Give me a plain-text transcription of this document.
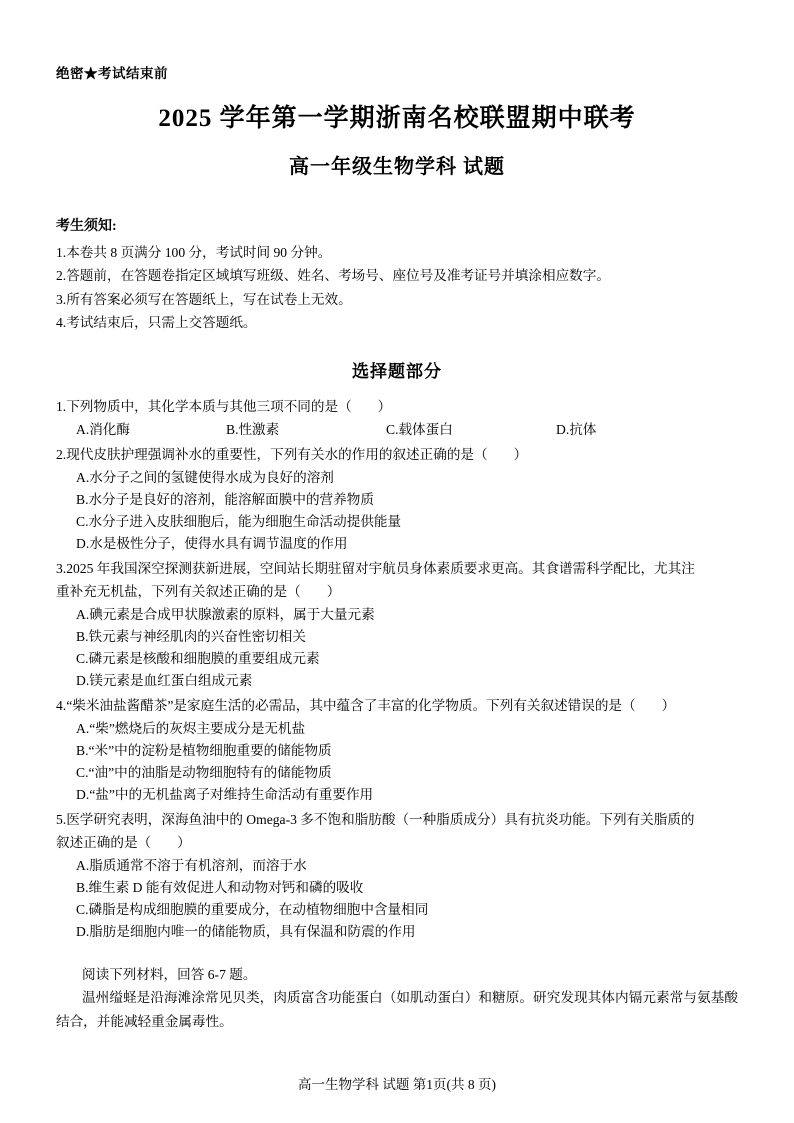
绝密★考试结束前
2025 学年第一学期浙南名校联盟期中联考
高一年级生物学科 试题
考生须知:

1.本卷共 8 页满分 100 分，考试时间 90 分钟。

2.答题前，在答题卷指定区域填写班级、姓名、考场号、座位号及准考证号并填涂相应数字。

3.所有答案必须写在答题纸上，写在试卷上无效。

4.考试结束后，只需上交答题纸。

选择题部分

1.下列物质中，其化学本质与其他三项不同的是（ ）

A.消化酶	B.性激素	C.载体蛋白	D.抗体

2.现代皮肤护理强调补水的重要性，下列有关水的作用的叙述正确的是（ ）

A.水分子之间的氢键使得水成为良好的溶剂

B.水分子是良好的溶剂，能溶解面膜中的营养物质

C.水分子进入皮肤细胞后，能为细胞生命活动提供能量

D.水是极性分子，使得水具有调节温度的作用

3.2025 年我国深空探测获新进展，空间站长期驻留对宇航员身体素质要求更高。其食谱需科学配比，尤其注

重补充无机盐，下列有关叙述正确的是（ ）

A.碘元素是合成甲状腺激素的原料，属于大量元素

B.铁元素与神经肌肉的兴奋性密切相关

C.磷元素是核酸和细胞膜的重要组成元素

D.镁元素是血红蛋白组成元素

4.“柴米油盐酱醋茶”是家庭生活的必需品，其中蕴含了丰富的化学物质。下列有关叙述错误的是（ ）

A.“柴”燃烧后的灰烬主要成分是无机盐

B.“米”中的淀粉是植物细胞重要的储能物质

C.“油”中的油脂是动物细胞特有的储能物质

D.“盐”中的无机盐离子对维持生命活动有重要作用

5.医学研究表明，深海鱼油中的 Omega-3 多不饱和脂肪酸（一种脂质成分）具有抗炎功能。下列有关脂质的

叙述正确的是（ ）

A.脂质通常不溶于有机溶剂，而溶于水

B.维生素 D 能有效促进人和动物对钙和磷的吸收

C.磷脂是构成细胞膜的重要成分，在动植物细胞中含量相同

D.脂肪是细胞内唯一的储能物质，具有保温和防震的作用

阅读下列材料，回答 6-7 题。

温州缢蛏是沿海滩涂常见贝类，肉质富含功能蛋白（如肌动蛋白）和糖原。研究发现其体内镉元素常与氨基酸结合，并能减轻重金属毒性。

高一生物学科 试题 第1页(共 8 页)
